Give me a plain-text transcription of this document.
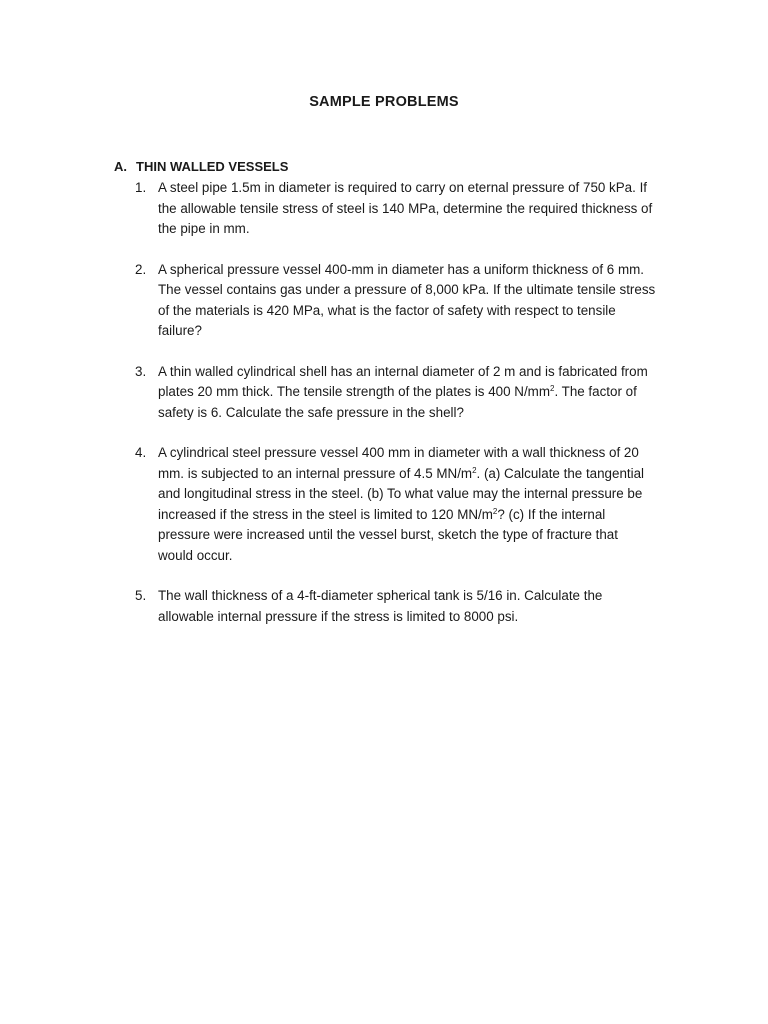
SAMPLE PROBLEMS
A. THIN WALLED VESSELS
1. A steel pipe 1.5m in diameter is required to carry on eternal pressure of 750 kPa. If
the allowable tensile stress of steel is 140 MPa, determine the required thickness of
the pipe in mm.
2. A spherical pressure vessel 400-mm in diameter has a uniform thickness of 6 mm.
The vessel contains gas under a pressure of 8,000 kPa. If the ultimate tensile stress
of the materials is 420 MPa, what is the factor of safety with respect to tensile
failure?
3. A thin walled cylindrical shell has an internal diameter of 2 m and is fabricated from
plates 20 mm thick. The tensile strength of the plates is 400 $N/mm^2$. The factor of
safety is 6. Calculate the safe pressure in the shell?
4. A cylindrical steel pressure vessel 400 mm in diameter with a wall thickness of 20
mm. is subjected to an internal pressure of 4.5 $MN/m^2$. (a) Calculate the tangential
and longitudinal stress in the steel. (b) To what value may the internal pressure be
increased if the stress in the steel is limited to 120 $MN/m^2$? (c) If the internal
pressure were increased until the vessel burst, sketch the type of fracture that
would occur.
5. The wall thickness of a 4-ft-diameter spherical tank is 5/16 in. Calculate the
allowable internal pressure if the stress is limited to 8000 psi.
